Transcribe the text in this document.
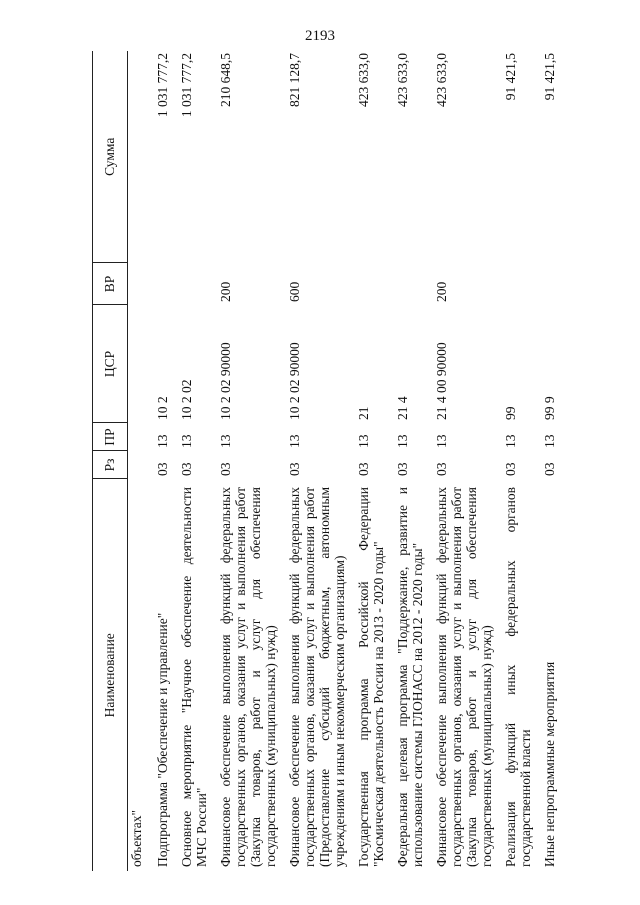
2193
Наименование	Рз	ПР	ЦСР	ВР	Сумма
объектах"					
Подпрограмма "Обеспечение и управление"	03	13	10 2		1 031 777,2
Основное мероприятие "Научное обеспечение деятельности МЧС России"	03	13	10 2 02		1 031 777,2
Финансовое обеспечение выполнения функций федеральных государственных органов, оказания услуг и выполнения работ (Закупка товаров, работ и услуг для обеспечения государственных (муниципальных) нужд)	03	13	10 2 02 90000	200	210 648,5
Финансовое обеспечение выполнения функций федеральных государственных органов, оказания услуг и выполнения работ (Предоставление субсидий бюджетным, автономным учреждениям и иным некоммерческим организациям)	03	13	10 2 02 90000	600	821 128,7
Государственная программа Российской Федерации "Космическая деятельность России на 2013 - 2020 годы"	03	13	21		423 633,0
Федеральная целевая программа "Поддержание, развитие и использование системы ГЛОНАСС на 2012 - 2020 годы"	03	13	21 4		423 633,0
Финансовое обеспечение выполнения функций федеральных государственных органов, оказания услуг и выполнения работ (Закупка товаров, работ и услуг для обеспечения государственных (муниципальных) нужд)	03	13	21 4 00 90000	200	423 633,0
Реализация функций иных федеральных органов государственной власти	03	13	99		91 421,5
Иные непрограммные мероприятия	03	13	99 9		91 421,5
